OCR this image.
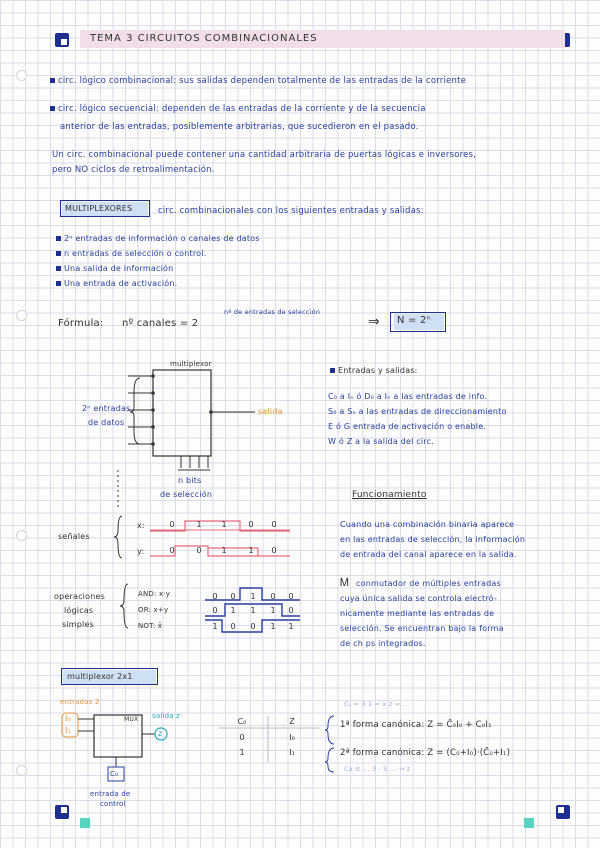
TEMA 3 CIRCUITOS COMBINACIONALES
circ. lógico combinacional: sus salidas dependen totalmente de las entradas de la corriente
circ. lógico secuencial: dependen de las entradas de la corriente y de la secuencia
anterior de las entradas, posiblemente arbitrarias, que sucedieron en el pasado.
Un circ. combinacional puede contener una cantidad arbitraria de puertas lógicas e inversores,
pero NO ciclos de retroalimentación.
MULTIPLEXORES	circ. combinacionales con los siguientes entradas y salidas:
2ⁿ entradas de información o canales de datos
n entradas de selección o control.
Una salida de información
Una entrada de activación.
Fórmula: nº canales = 2
nº de entradas de selección
⇒ N = 2ⁿ
multiplexor
2ⁿ entradas
de datos
salida
n bits
de selección
Entradas y salidas:
C₀ a Iₙ ó D₀ a Iₙ a las entradas de info.
S₀ a Sₙ a las entradas de direccionamiento
E ó G entrada de activación o enable.
W ó Z a la salida del circ.
Funcionamiento
Cuando una combinación binaria aparece
en las entradas de selección, la información
de entrada del canal aparece en la salida.
Ꮇ conmutador de múltiples entradas
cuya única salida se controla electró-
nicamente mediante las entradas de
selección. Se encuentran bajo la forma
de ch ps integrados.
señales
x:
y:
0	1	1	0	0
0	0	1	1	0
operaciones
lógicas
simples
AND: x·y
OR: x+y
NOT: x̄
0	0	1	0	0
0	1	1	1	0
1	0	0	1	1
multiplexor 2x1
entradas 2
I₀
I₁
MUX salida z
z
C₀
entrada de
control
C₀	Z
0	I₀
1	I₁
C₀ = x̄ 1 = x z = ...
1ª forma canónica: Z = C̄₀I₀ + C₀I₁
2ª forma canónica: Z = (C₀+I₀)·(C̄₀+I₁)
Cx ≡ ... 3 · S ... → z
